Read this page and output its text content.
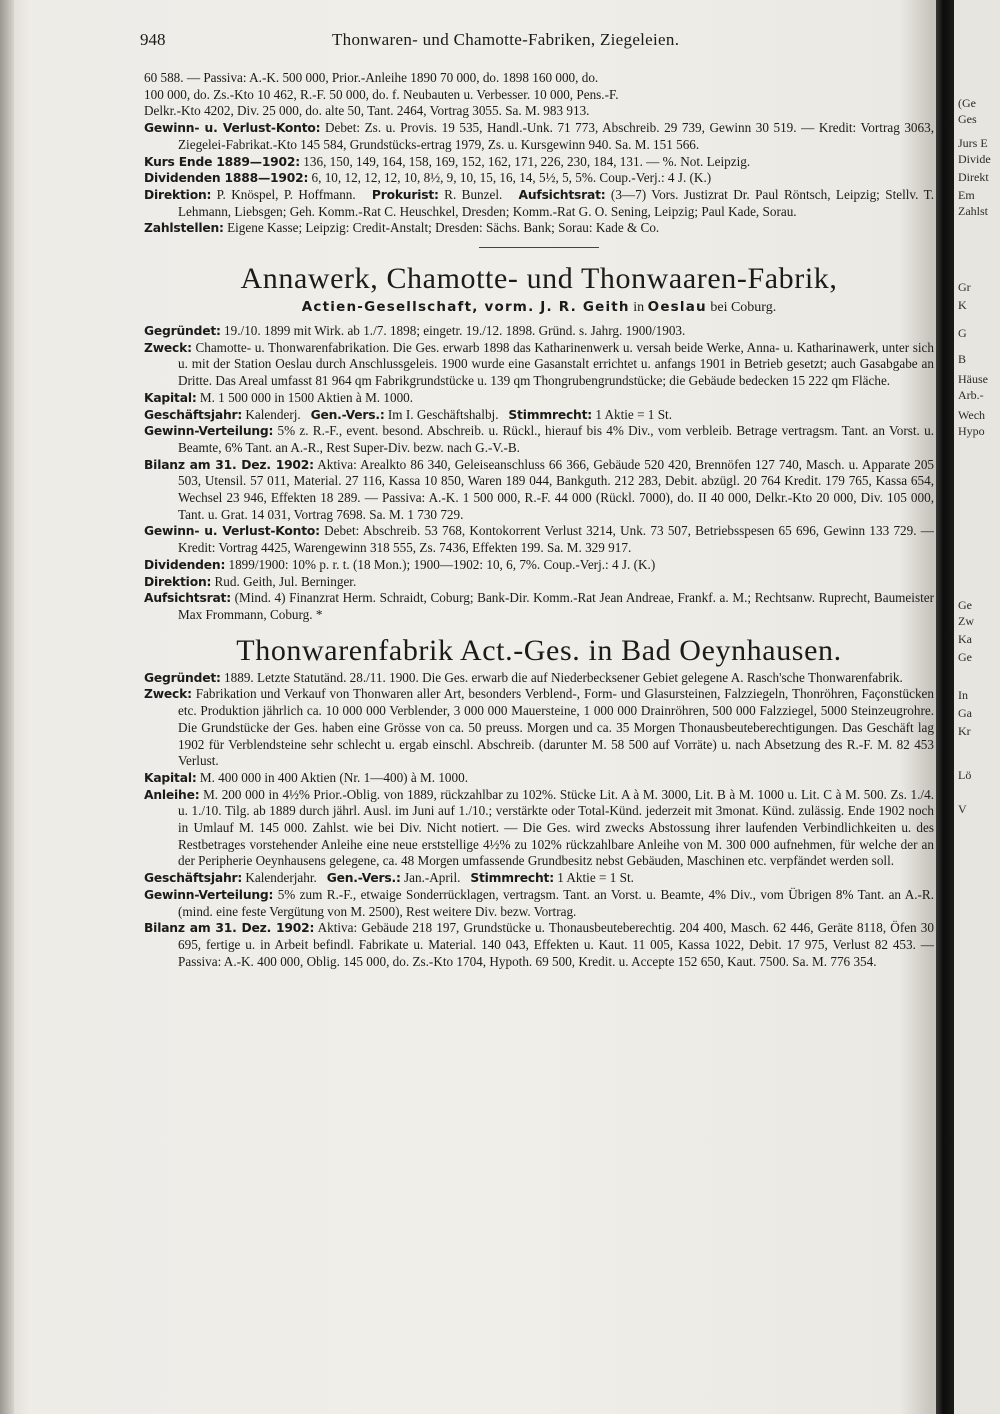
948	Thonwaren- und Chamotte-Fabriken, Ziegeleien.

60 588. — Passiva: A.-K. 500 000, Prior.-Anleihe 1890 70 000, do. 1898 160 000, do.

100 000, do. Zs.-Kto 10 462, R.-F. 50 000, do. f. Neubauten u. Verbesser. 10 000, Pens.-F.

Delkr.-Kto 4202, Div. 25 000, do. alte 50, Tant. 2464, Vortrag 3055. Sa. M. 983 913.

Gewinn- u. Verlust-Konto: Debet: Zs. u. Provis. 19 535, Handl.-Unk. 71 773, Abschreib. 29 739, Gewinn 30 519. — Kredit: Vortrag 3063, Ziegelei-Fabrikat.-Kto 145 584, Grundstücks-ertrag 1979, Zs. u. Kursgewinn 940. Sa. M. 151 566.

Kurs Ende 1889—1902: 136, 150, 149, 164, 158, 169, 152, 162, 171, 226, 230, 184, 131. — %. Not. Leipzig.

Dividenden 1888—1902: 6, 10, 12, 12, 12, 10, 8½, 9, 10, 15, 16, 14, 5½, 5, 5%. Coup.-Verj.: 4 J. (K.)

Direktion: P. Knöspel, P. Hoffmann. Prokurist: R. Bunzel. Aufsichtsrat: (3—7) Vors. Justizrat Dr. Paul Röntsch, Leipzig; Stellv. T. Lehmann, Liebsgen; Geh. Komm.-Rat C. Heuschkel, Dresden; Komm.-Rat G. O. Sening, Leipzig; Paul Kade, Sorau.

Zahlstellen: Eigene Kasse; Leipzig: Credit-Anstalt; Dresden: Sächs. Bank; Sorau: Kade & Co.

Annawerk, Chamotte- und Thonwaaren-Fabrik,
Actien-Gesellschaft, vorm. J. R. Geith in Oeslau bei Coburg.

Gegründet: 19./10. 1899 mit Wirk. ab 1./7. 1898; eingetr. 19./12. 1898. Gründ. s. Jahrg. 1900/1903.

Zweck: Chamotte- u. Thonwarenfabrikation. Die Ges. erwarb 1898 das Katharinenwerk u. versah beide Werke, Anna- u. Katharinawerk, unter sich u. mit der Station Oeslau durch Anschlussgeleis. 1900 wurde eine Gasanstalt errichtet u. anfangs 1901 in Betrieb gesetzt; auch Gasabgabe an Dritte. Das Areal umfasst 81 964 qm Fabrikgrundstücke u. 139 qm Thongrubengrundstücke; die Gebäude bedecken 15 222 qm Fläche.

Kapital: M. 1 500 000 in 1500 Aktien à M. 1000.

Geschäftsjahr: Kalenderj. Gen.-Vers.: Im I. Geschäftshalbj. Stimmrecht: 1 Aktie = 1 St.

Gewinn-Verteilung: 5% z. R.-F., event. besond. Abschreib. u. Rückl., hierauf bis 4% Div., vom verbleib. Betrage vertragsm. Tant. an Vorst. u. Beamte, 6% Tant. an A.-R., Rest Super-Div. bezw. nach G.-V.-B.

Bilanz am 31. Dez. 1902: Aktiva: Arealkto 86 340, Geleiseanschluss 66 366, Gebäude 520 420, Brennöfen 127 740, Masch. u. Apparate 205 503, Utensil. 57 011, Material. 27 116, Kassa 10 850, Waren 189 044, Bankguth. 212 283, Debit. abzügl. 20 764 Kredit. 179 765, Kassa 654, Wechsel 23 946, Effekten 18 289. — Passiva: A.-K. 1 500 000, R.-F. 44 000 (Rückl. 7000), do. II 40 000, Delkr.-Kto 20 000, Div. 105 000, Tant. u. Grat. 14 031, Vortrag 7698. Sa. M. 1 730 729.

Gewinn- u. Verlust-Konto: Debet: Abschreib. 53 768, Kontokorrent Verlust 3214, Unk. 73 507, Betriebsspesen 65 696, Gewinn 133 729. — Kredit: Vortrag 4425, Warengewinn 318 555, Zs. 7436, Effekten 199. Sa. M. 329 917.

Dividenden: 1899/1900: 10% p. r. t. (18 Mon.); 1900—1902: 10, 6, 7%. Coup.-Verj.: 4 J. (K.)

Direktion: Rud. Geith, Jul. Berninger.

Aufsichtsrat: (Mind. 4) Finanzrat Herm. Schraidt, Coburg; Bank-Dir. Komm.-Rat Jean Andreae, Frankf. a. M.; Rechtsanw. Ruprecht, Baumeister Max Frommann, Coburg. *

Thonwarenfabrik Act.-Ges. in Bad Oeynhausen.

Gegründet: 1889. Letzte Statutänd. 28./11. 1900. Die Ges. erwarb die auf Niederbecksener Gebiet gelegene A. Rasch'sche Thonwarenfabrik.

Zweck: Fabrikation und Verkauf von Thonwaren aller Art, besonders Verblend-, Form- und Glasursteinen, Falzziegeln, Thonröhren, Façonstücken etc. Produktion jährlich ca. 10 000 000 Verblender, 3 000 000 Mauersteine, 1 000 000 Drainröhren, 500 000 Falzziegel, 5000 Steinzeugrohre. Die Grundstücke der Ges. haben eine Grösse von ca. 50 preuss. Morgen und ca. 35 Morgen Thonausbeuteberechtigungen. Das Geschäft lag 1902 für Verblendsteine sehr schlecht u. ergab einschl. Abschreib. (darunter M. 58 500 auf Vorräte) u. nach Absetzung des R.-F. M. 82 453 Verlust.

Kapital: M. 400 000 in 400 Aktien (Nr. 1—400) à M. 1000.

Anleihe: M. 200 000 in 4½% Prior.-Oblig. von 1889, rückzahlbar zu 102%. Stücke Lit. A à M. 3000, Lit. B à M. 1000 u. Lit. C à M. 500. Zs. 1./4. u. 1./10. Tilg. ab 1889 durch jährl. Ausl. im Juni auf 1./10.; verstärkte oder Total-Künd. jederzeit mit 3monat. Künd. zulässig. Ende 1902 noch in Umlauf M. 145 000. Zahlst. wie bei Div. Nicht notiert. — Die Ges. wird zwecks Abstossung ihrer laufenden Verbindlichkeiten u. des Restbetrages vorstehender Anleihe eine neue erststellige 4½% zu 102% rückzahlbare Anleihe von M. 300 000 aufnehmen, für welche der an der Peripherie Oeynhausens gelegene, ca. 48 Morgen umfassende Grundbesitz nebst Gebäuden, Maschinen etc. verpfändet werden soll.

Geschäftsjahr: Kalenderjahr. Gen.-Vers.: Jan.-April. Stimmrecht: 1 Aktie = 1 St.

Gewinn-Verteilung: 5% zum R.-F., etwaige Sonderrücklagen, vertragsm. Tant. an Vorst. u. Beamte, 4% Div., vom Übrigen 8% Tant. an A.-R. (mind. eine feste Vergütung von M. 2500), Rest weitere Div. bezw. Vortrag.

Bilanz am 31. Dez. 1902: Aktiva: Gebäude 218 197, Grundstücke u. Thonausbeuteberechtig. 204 400, Masch. 62 446, Geräte 8118, Öfen 30 695, fertige u. in Arbeit befindl. Fabrikate u. Material. 140 043, Effekten u. Kaut. 11 005, Kassa 1022, Debit. 17 975, Verlust 82 453. — Passiva: A.-K. 400 000, Oblig. 145 000, do. Zs.-Kto 1704, Hypoth. 69 500, Kredit. u. Accepte 152 650, Kaut. 7500. Sa. M. 776 354.

(Ge
Ges
Jurs E
Divide
Direkt
Em
Zahlst
Gr
K
G
B
Häuse
Arb.-
Wech
Hypo
Ge
Zw
Ka
Ge
In
Ga
Kr
Lö
V
